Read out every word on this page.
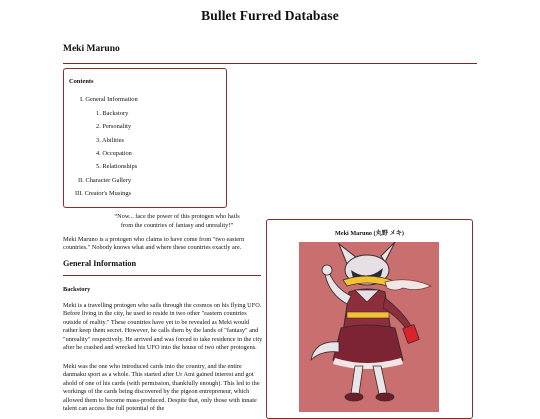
Bullet Furred Database
Meki Maruno
Contents
I. General Information
1. Backstory
2. Personality
3. Abilities
4. Occupation
5. Relationships
II. Character Gallery
III. Creator's Musings
“Now... face the power of this protogen who hails
from the countries of fantasy and unreality!”
Meki Maruno is a protogen who claims to have come from "two eastern countries." Nobody knows what and where these countries exactly are.
General Information
Backstory
Meki is a travelling protogen who sails through the cosmos on his flying UFO. Before living in the city, he used to reside in two other "eastern countries outside of reality." These countries have yet to be revealed as Meki would rather keep them secret. However, he calls them by the lands of "fantasy" and "unreality" respectively. He arrived and was forced to take residence in the city after he crashed and wrecked his UFO into the house of two other protogens.
Meki was the one who introduced cards into the country, and the entire danmaku sport as a whole. This started after Ur Ami gained interest and got ahold of one of his cards (with permission, thankfully enough). This led to the workings of the cards being discovered by the pigeon entrepreneur, which allowed them to become mass-produced. Despite that, only those with innate talent can access the full potential of the
Meki Maruno (丸野 メキ)
